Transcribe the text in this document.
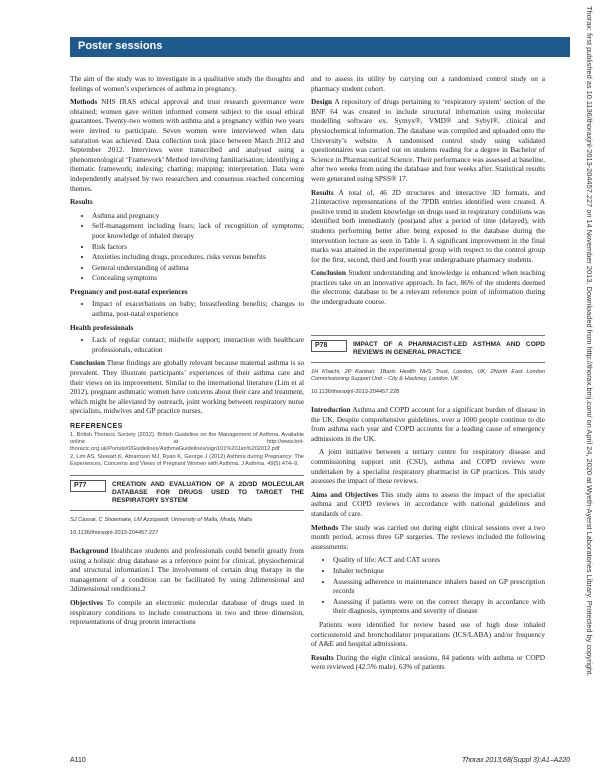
Poster sessions

The aim of the study was to investigate in a qualitative study the thoughts and feelings of women’s experiences of asthma in pregnancy.

Methods NHS IRAS ethical approval and trust research governance were obtained; women gave written informed consent subject to the usual ethical guarantees. Twenty-two women with asthma and a pregnancy within two years were invited to participate. Seven women were interviewed when data saturation was achieved. Data collection took place between March 2012 and September 2012. Interviews were transcribed and analysed using a phenomenological ‘Framework’ Method involving familiarisation; identifying a thematic framework; indexing; charting; mapping; interpretation. Data were independently analysed by two researchers and consensus reached concerning themes.

Results

• Asthma and pregnancy
• Self-management including fears; lack of recognition of symptoms; poor knowledge of inhaled therapy
• Risk factors
• Anxieties including drugs, procedures, risks versus benefits
• General understanding of asthma
• Concealing symptoms
Pregnancy and post-natal experiences
• Impact of exacerbations on baby; breastfeeding benefits; changes to asthma, post-natal experience
Health professionals
• Lack of regular contact; midwife support; interaction with healthcare professionals, education

Conclusion These findings are globally relevant because maternal asthma is so prevalent. They illustrate participants’ experiences of their asthma care and their views on its improvement. Similar to the international literature (Lim et al 2012), pregnant asthmatic women have concerns about their care and treatment, which might be alleviated by outreach, joint working between respiratory nurse specialists, midwives and GP practice nurses.

REFERENCES
1. British Thoracic Society (2012). British Guideline on the Management of Asthma. Available online at http://www.brit-thoracic.org.uk/Portals/0/Guidelines/AsthmaGuidelines/sign101%20Jan%202012.pdf
2. Lim AS, Stewart K, Abramson MJ, Ryan K, George J (2012) Asthma during Pregnancy: The Experiences, Concerns and Views of Pregnant Women with Asthma. J Asthma. 49(5):474–9.
P77	CREATION AND EVALUATION OF A 2D/3D MOLECULAR DATABASE FOR DRUGS USED TO TARGET THE RESPIRATORY SYSTEM
SJ Cassar, C Shoemake, LM Azzopardi; University of Malta, Msida, Malta
10.1136/thoraxjnl-2013-204457.227

Background Healthcare students and professionals could benefit greatly from using a holistic drug database as a reference point for clinical, physiochemical and structural information.1 The involvement of certain drug therapy in the management of a condition can be facilitated by using 2dimensional and 3dimensional renditions.2

Objectives To compile an electronic molecular database of drugs used in respiratory conditions to include constructions in two and three dimension, representations of drug protein interactions

and to assess its utility by carrying out a randomised control study on a pharmacy student cohort.

Design A repository of drugs pertaining to ‘respiratory system’ section of the BNF 64 was created to include structural information using molecular modelling software ex. Symyx®, VMD® and Sybyl®, clinical and physiochemical information. The database was compiled and uploaded onto the University’s website. A randomised control study using validated questionnaires was carried out on students reading for a degree in Bachelor of Science in Pharmaceutical Science. Their performance was assessed at baseline, after two weeks from using the database and four weeks after. Statistical results were generated using SPSS® 17.

Results A total of, 46 2D structures and interactive 3D formats, and 21interactive representations of the 7PDB entries identified were created. A positive trend in student knowledge on drugs used in respiratory conditions was identified both immediately (post)and after a period of time (delayed), with students performing better after being exposed to the database during the intervention lecture as seen in Table 1. A significant improvement in the final marks was attained in the experimental group with respect to the control group for the first, second, third and fourth year undergraduate pharmacy students.

Conclusion Student understanding and knowledge is enhanced when teaching practices take on an innovative approach. In fact, 86% of the students deemed the electronic database to be a relevant reference point of information during the undergraduate course.

P78	IMPACT OF A PHARMACIST-LED ASTHMA AND COPD REVIEWS IN GENERAL PRACTICE
1H Khachi, 2P Kankari; 1Barts Health NHS Trust, London, UK; 2North East London Commissioning Support Unit – City & Hackney, London, UK
10.1136/thoraxjnl-2013-204457.228

Introduction Asthma and COPD account for a significant burden of disease in the UK. Despite comprehensive guidelines, over a 1000 people continue to die from asthma each year and COPD accounts for a leading cause of emergency admissions in the UK.

A joint initiative between a tertiary centre for respiratory disease and commissioning support unit (CSU), asthma and COPD reviews were undertaken by a specialist respiratory pharmacist in GP practices. This study assesses the impact of these reviews.

Aims and Objectives This study aims to assess the impact of the specialist asthma and COPD reviews in accordance with national guidelines and standards of care.

Methods The study was carried out during eight clinical sessions over a two month period, across three GP surgeries. The reviews included the following assessments:

• Quality of life: ACT and CAT scores
• Inhaler technique
• Assessing adherence to maintenance inhalers based on GP prescription records
• Assessing if patients were on the correct therapy in accordance with their diagnosis, symptoms and severity of disease

Patients were identified for review based use of high dose inhaled corticosteroid and bronchodilator preparations (ICS/LABA) and/or frequency of A&E and hospital admissions.

Results During the eight clinical sessions, 84 patients with asthma or COPD were reviewed (42.5% male). 63% of patients

A110	Thorax 2013;68(Suppl 3):A1–A220
Thorax: first published as 10.1136/thoraxjnl-2013-204457.227 on 14 November 2013. Downloaded from http://thorax.bmj.com/ on April 24, 2020 at Wyeth-Ayerst Laboratories Library. Protected by copyright.
